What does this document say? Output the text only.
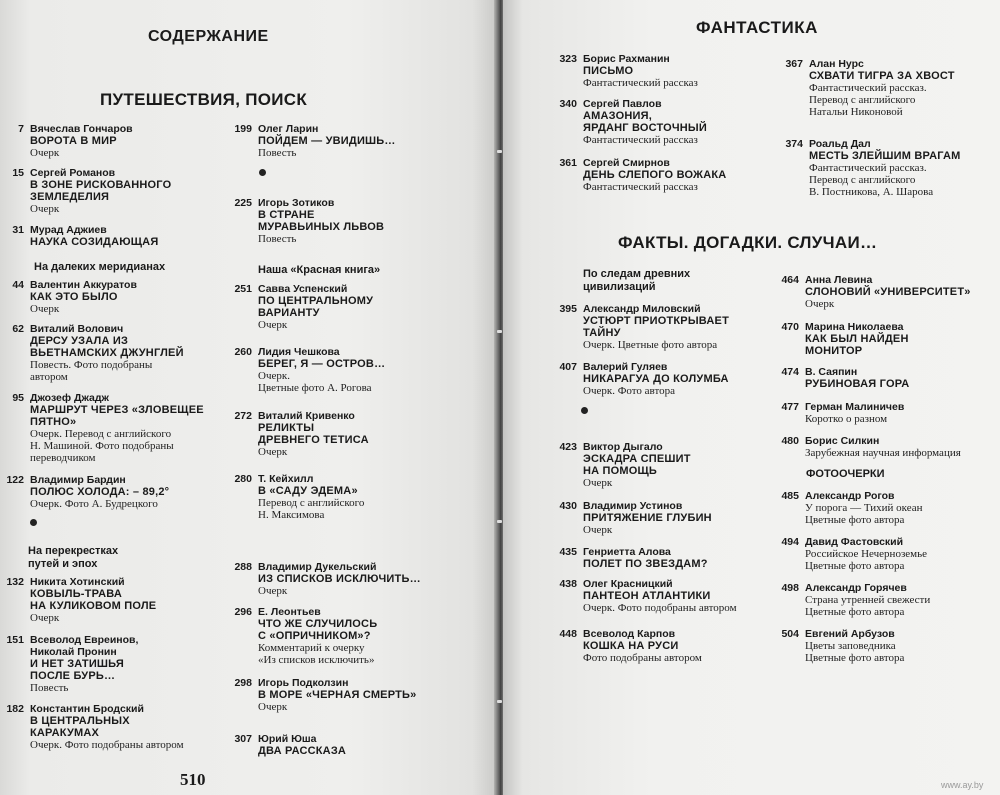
СОДЕРЖАНИЕ
ПУТЕШЕСТВИЯ, ПОИСК
7 Вячеслав Гончаров
ВОРОТА В МИР
Очерк
15 Сергей Романов
В ЗОНЕ РИСКОВАННОГО
ЗЕМЛЕДЕЛИЯ
Очерк
31 Мурад Аджиев
НАУКА СОЗИДАЮЩАЯ
На далеких меридианах
44 Валентин Аккуратов
КАК ЭТО БЫЛО
Очерк
62 Виталий Волович
ДЕРСУ УЗАЛА ИЗ
ВЬЕТНАМСКИХ ДЖУНГЛЕЙ
Повесть. Фото подобраны
автором
95 Джозеф Джадж
МАРШРУТ ЧЕРЕЗ «ЗЛОВЕЩЕЕ
ПЯТНО»
Очерк. Перевод с английского
Н. Машиной. Фото подобраны
переводчиком
122 Владимир Бардин
ПОЛЮС ХОЛОДА: – 89,2°
Очерк. Фото А. Будрецкого
На перекрестках
путей и эпох
132 Никита Хотинский
КОВЫЛЬ-ТРАВА
НА КУЛИКОВОМ ПОЛЕ
Очерк
151 Всеволод Евреинов,
Николай Пронин
И НЕТ ЗАТИШЬЯ
ПОСЛЕ БУРЬ…
Повесть
182 Константин Бродский
В ЦЕНТРАЛЬНЫХ
КАРАКУМАХ
Очерк. Фото подобраны автором
199 Олег Ларин
ПОЙДЕМ — УВИДИШЬ…
Повесть
225 Игорь Зотиков
В СТРАНЕ
МУРАВЬИНЫХ ЛЬВОВ
Повесть
Наша «Красная книга»
251 Савва Успенский
ПО ЦЕНТРАЛЬНОМУ
ВАРИАНТУ
Очерк
260 Лидия Чешкова
БЕРЕГ, Я — ОСТРОВ…
Очерк.
Цветные фото А. Рогова
272 Виталий Кривенко
РЕЛИКТЫ
ДРЕВНЕГО ТЕТИСА
Очерк
280 Т. Кейхилл
В «САДУ ЭДЕМА»
Перевод с английского
Н. Максимова
288 Владимир Дукельский
ИЗ СПИСКОВ ИСКЛЮЧИТЬ…
Очерк
296 Е. Леонтьев
ЧТО ЖЕ СЛУЧИЛОСЬ
С «ОПРИЧНИКОМ»?
Комментарий к очерку
«Из списков исключить»
298 Игорь Подколзин
В МОРЕ «ЧЕРНАЯ СМЕРТЬ»
Очерк
307 Юрий Юша
ДВА РАССКАЗА
510
ФАНТАСТИКА
323 Борис Рахманин
ПИСЬМО
Фантастический рассказ
340 Сергей Павлов
АМАЗОНИЯ,
ЯРДАНГ ВОСТОЧНЫЙ
Фантастический рассказ
361 Сергей Смирнов
ДЕНЬ СЛЕПОГО ВОЖАКА
Фантастический рассказ
367 Алан Нурс
СХВАТИ ТИГРА ЗА ХВОСТ
Фантастический рассказ.
Перевод с английского
Натальи Никоновой
374 Роальд Дал
МЕСТЬ ЗЛЕЙШИМ ВРАГАМ
Фантастический рассказ.
Перевод с английского
В. Постникова, А. Шарова
ФАКТЫ. ДОГАДКИ. СЛУЧАИ…
По следам древних
цивилизаций
395 Александр Миловский
УСТЮРТ ПРИОТКРЫВАЕТ
ТАЙНУ
Очерк. Цветные фото автора
407 Валерий Гуляев
НИКАРАГУА ДО КОЛУМБА
Очерк. Фото автора
423 Виктор Дыгало
ЭСКАДРА СПЕШИТ
НА ПОМОЩЬ
Очерк
430 Владимир Устинов
ПРИТЯЖЕНИЕ ГЛУБИН
Очерк
435 Генриетта Алова
ПОЛЕТ ПО ЗВЕЗДАМ?
438 Олег Красницкий
ПАНТЕОН АТЛАНТИКИ
Очерк. Фото подобраны автором
448 Всеволод Карпов
КОШКА НА РУСИ
Фото подобраны автором
464 Анна Левина
СЛОНОВИЙ «УНИВЕРСИТЕТ»
Очерк
470 Марина Николаева
КАК БЫЛ НАЙДЕН
МОНИТОР
474 В. Саяпин
РУБИНОВАЯ ГОРА
477 Герман Малиничев
Коротко о разном
480 Борис Силкин
Зарубежная научная информация
ФОТООЧЕРКИ
485 Александр Рогов
У порога — Тихий океан
Цветные фото автора
494 Давид Фастовский
Российское Нечерноземье
Цветные фото автора
498 Александр Горячев
Страна утренней свежести
Цветные фото автора
504 Евгений Арбузов
Цветы заповедника
Цветные фото автора
www.ay.by
